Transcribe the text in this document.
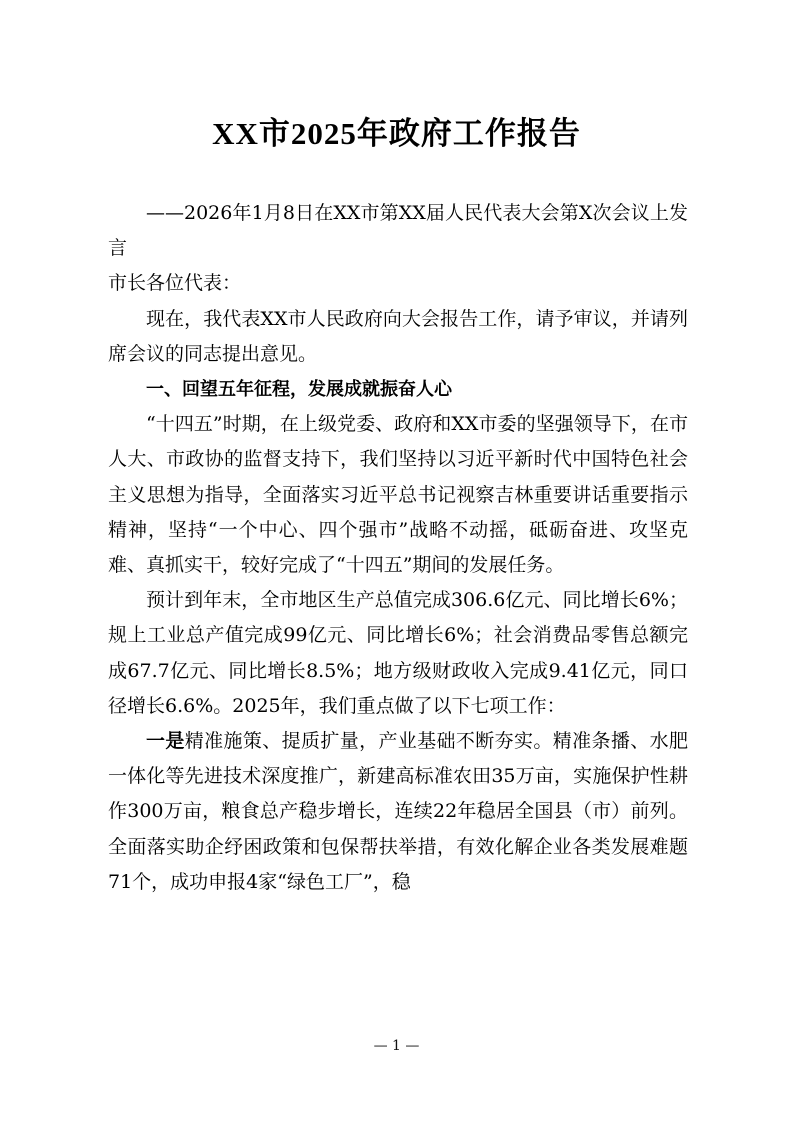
XX市2025年政府工作报告

——2026年1月8日在XX市第XX届人民代表大会第X次会议上发言

市长各位代表：

现在，我代表XX市人民政府向大会报告工作，请予审议，并请列席会议的同志提出意见。

一、回望五年征程，发展成就振奋人心

“十四五”时期，在上级党委、政府和XX市委的坚强领导下，在市人大、市政协的监督支持下，我们坚持以习近平新时代中国特色社会主义思想为指导，全面落实习近平总书记视察吉林重要讲话重要指示精神，坚持“一个中心、四个强市”战略不动摇，砥砺奋进、攻坚克难、真抓实干，较好完成了“十四五”期间的发展任务。

预计到年末，全市地区生产总值完成306.6亿元、同比增长6%；规上工业总产值完成99亿元、同比增长6%；社会消费品零售总额完成67.7亿元、同比增长8.5%；地方级财政收入完成9.41亿元，同口径增长6.6%。2025年，我们重点做了以下七项工作：

一是精准施策、提质扩量，产业基础不断夯实。精准条播、水肥一体化等先进技术深度推广，新建高标准农田35万亩，实施保护性耕作300万亩，粮食总产稳步增长，连续22年稳居全国县（市）前列。全面落实助企纾困政策和包保帮扶举措，有效化解企业各类发展难题71个，成功申报4家“绿色工厂”，稳

— 1 —
